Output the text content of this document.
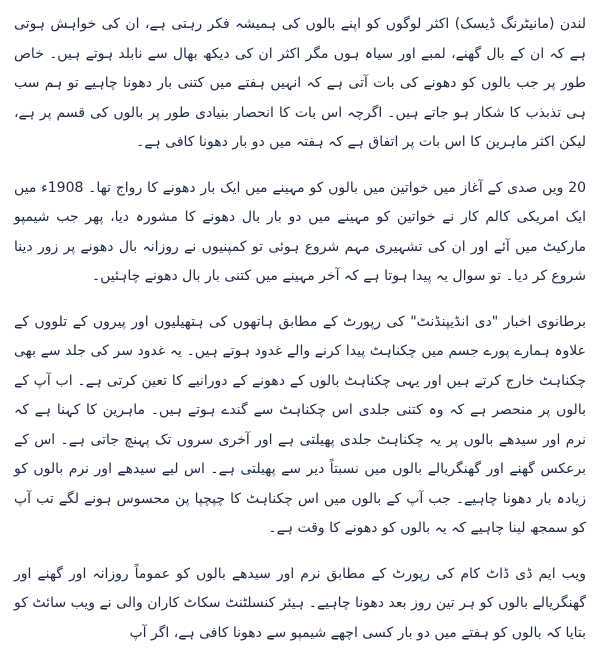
لندن (مانیٹرنگ ڈیسک) اکثر لوگوں کو اپنے بالوں کی ہمیشہ فکر رہتی ہے، ان کی خواہش ہوتی ہے کہ ان کے بال گھنے، لمبے اور سیاہ ہوں مگر اکثر ان کی دیکھ بھال سے نابلد ہوتے ہیں۔ خاص طور پر جب بالوں کو دھونے کی بات آتی ہے کہ انہیں ہفتے میں کتنی بار دھونا چاہیے تو ہم سب ہی تذبذب کا شکار ہو جاتے ہیں۔ اگرچہ اس بات کا انحصار بنیادی طور پر بالوں کی قسم پر ہے، لیکن اکثر ماہرین کا اس بات پر اتفاق ہے کہ ہفتہ میں دو بار دھونا کافی ہے۔

20 ویں صدی کے آغاز میں خواتین میں بالوں کو مہینے میں ایک بار دھونے کا رواج تھا۔ 1908ء میں ایک امریکی کالم کار نے خواتین کو مہینے میں دو بار بال دھونے کا مشورہ دیا، پھر جب شیمپو مارکیٹ میں آئے اور ان کی تشہیری مہم شروع ہوئی تو کمپنیوں نے روزانہ بال دھونے پر زور دینا شروع کر دیا۔ تو سوال یہ پیدا ہوتا ہے کہ آخر مہینے میں کتنی بار بال دھونے چاہئیں۔

برطانوی اخبار "دی انڈیپنڈنٹ" کی رپورٹ کے مطابق ہاتھوں کی ہتھیلیوں اور پیروں کے تلووں کے علاوہ ہمارے پورے جسم میں چکناہٹ پیدا کرنے والے غدود ہوتے ہیں۔ یہ غدود سر کی جلد سے بھی چکناہٹ خارج کرتے ہیں اور یہی چکناہٹ بالوں کے دھونے کے دورانیے کا تعین کرتی ہے۔ اب آپ کے بالوں پر منحصر ہے کہ وہ کتنی جلدی اس چکناہٹ سے گندے ہوتے ہیں۔ ماہرین کا کہنا ہے کہ نرم اور سیدھے بالوں پر یہ چکناہٹ جلدی پھیلتی ہے اور آخری سروں تک پہنچ جاتی ہے۔ اس کے برعکس گھنے اور گھنگریالے بالوں میں نسبتاً دیر سے پھیلتی ہے۔ اس لیے سیدھے اور نرم بالوں کو زیادہ بار دھونا چاہیے۔ جب آپ کے بالوں میں اس چکناہٹ کا چپچپا پن محسوس ہونے لگے تب آپ کو سمجھ لینا چاہیے کہ یہ بالوں کو دھونے کا وقت ہے۔

ویب ایم ڈی ڈاٹ کام کی رپورٹ کے مطابق نرم اور سیدھے بالوں کو عموماً روزانہ اور گھنے اور گھنگریالے بالوں کو ہر تین روز بعد دھونا چاہیے۔ ہیئر کنسلٹنٹ سکاٹ کاران والی نے ویب سائٹ کو بتایا کہ بالوں کو ہفتے میں دو بار کسی اچھے شیمپو سے دھونا کافی ہے، اگر آپ
